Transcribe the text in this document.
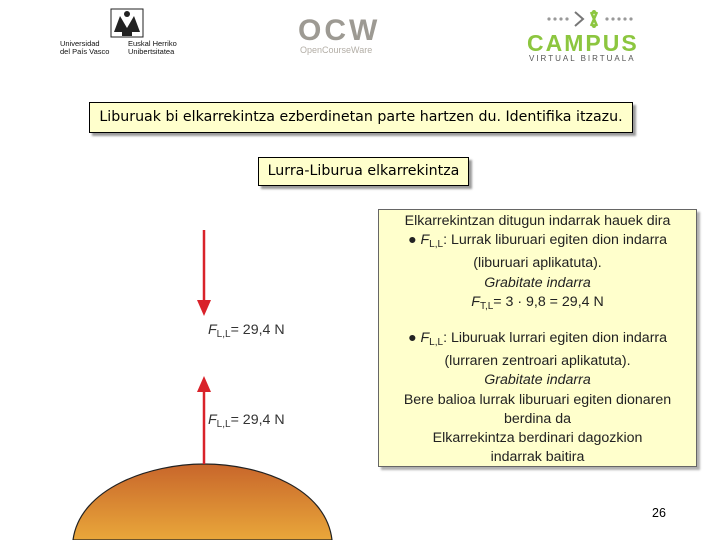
Universidad
del País Vasco
Euskal Herriko
Unibertsitatea
OCW
OpenCourseWare	CAMPUS
VIRTUAL BIRTUALA
Liburuak bi elkarrekintza ezberdinetan parte hartzen du. Identifika itzazu.
Lurra-Liburua elkarrekintza
$F_{L,L}= 29,4$ N
$F_{L,L}= 29,4$ N
Elkarrekintzan ditugun indarrak hauek dira
● $F_{L,L}$: Lurrak liburuari egiten dion indarra
(liburuari aplikatuta).
Grabitate indarra
$F_{T,L}= 3 \cdot 9,8 = 29,4$ N
● $F_{L,L}$: Liburuak lurrari egiten dion indarra
(lurraren zentroari aplikatuta).
Grabitate indarra
Bere balioa lurrak liburuari egiten dionaren
berdina da
Elkarrekintza berdinari dagozkion
indarrak baitira
26
